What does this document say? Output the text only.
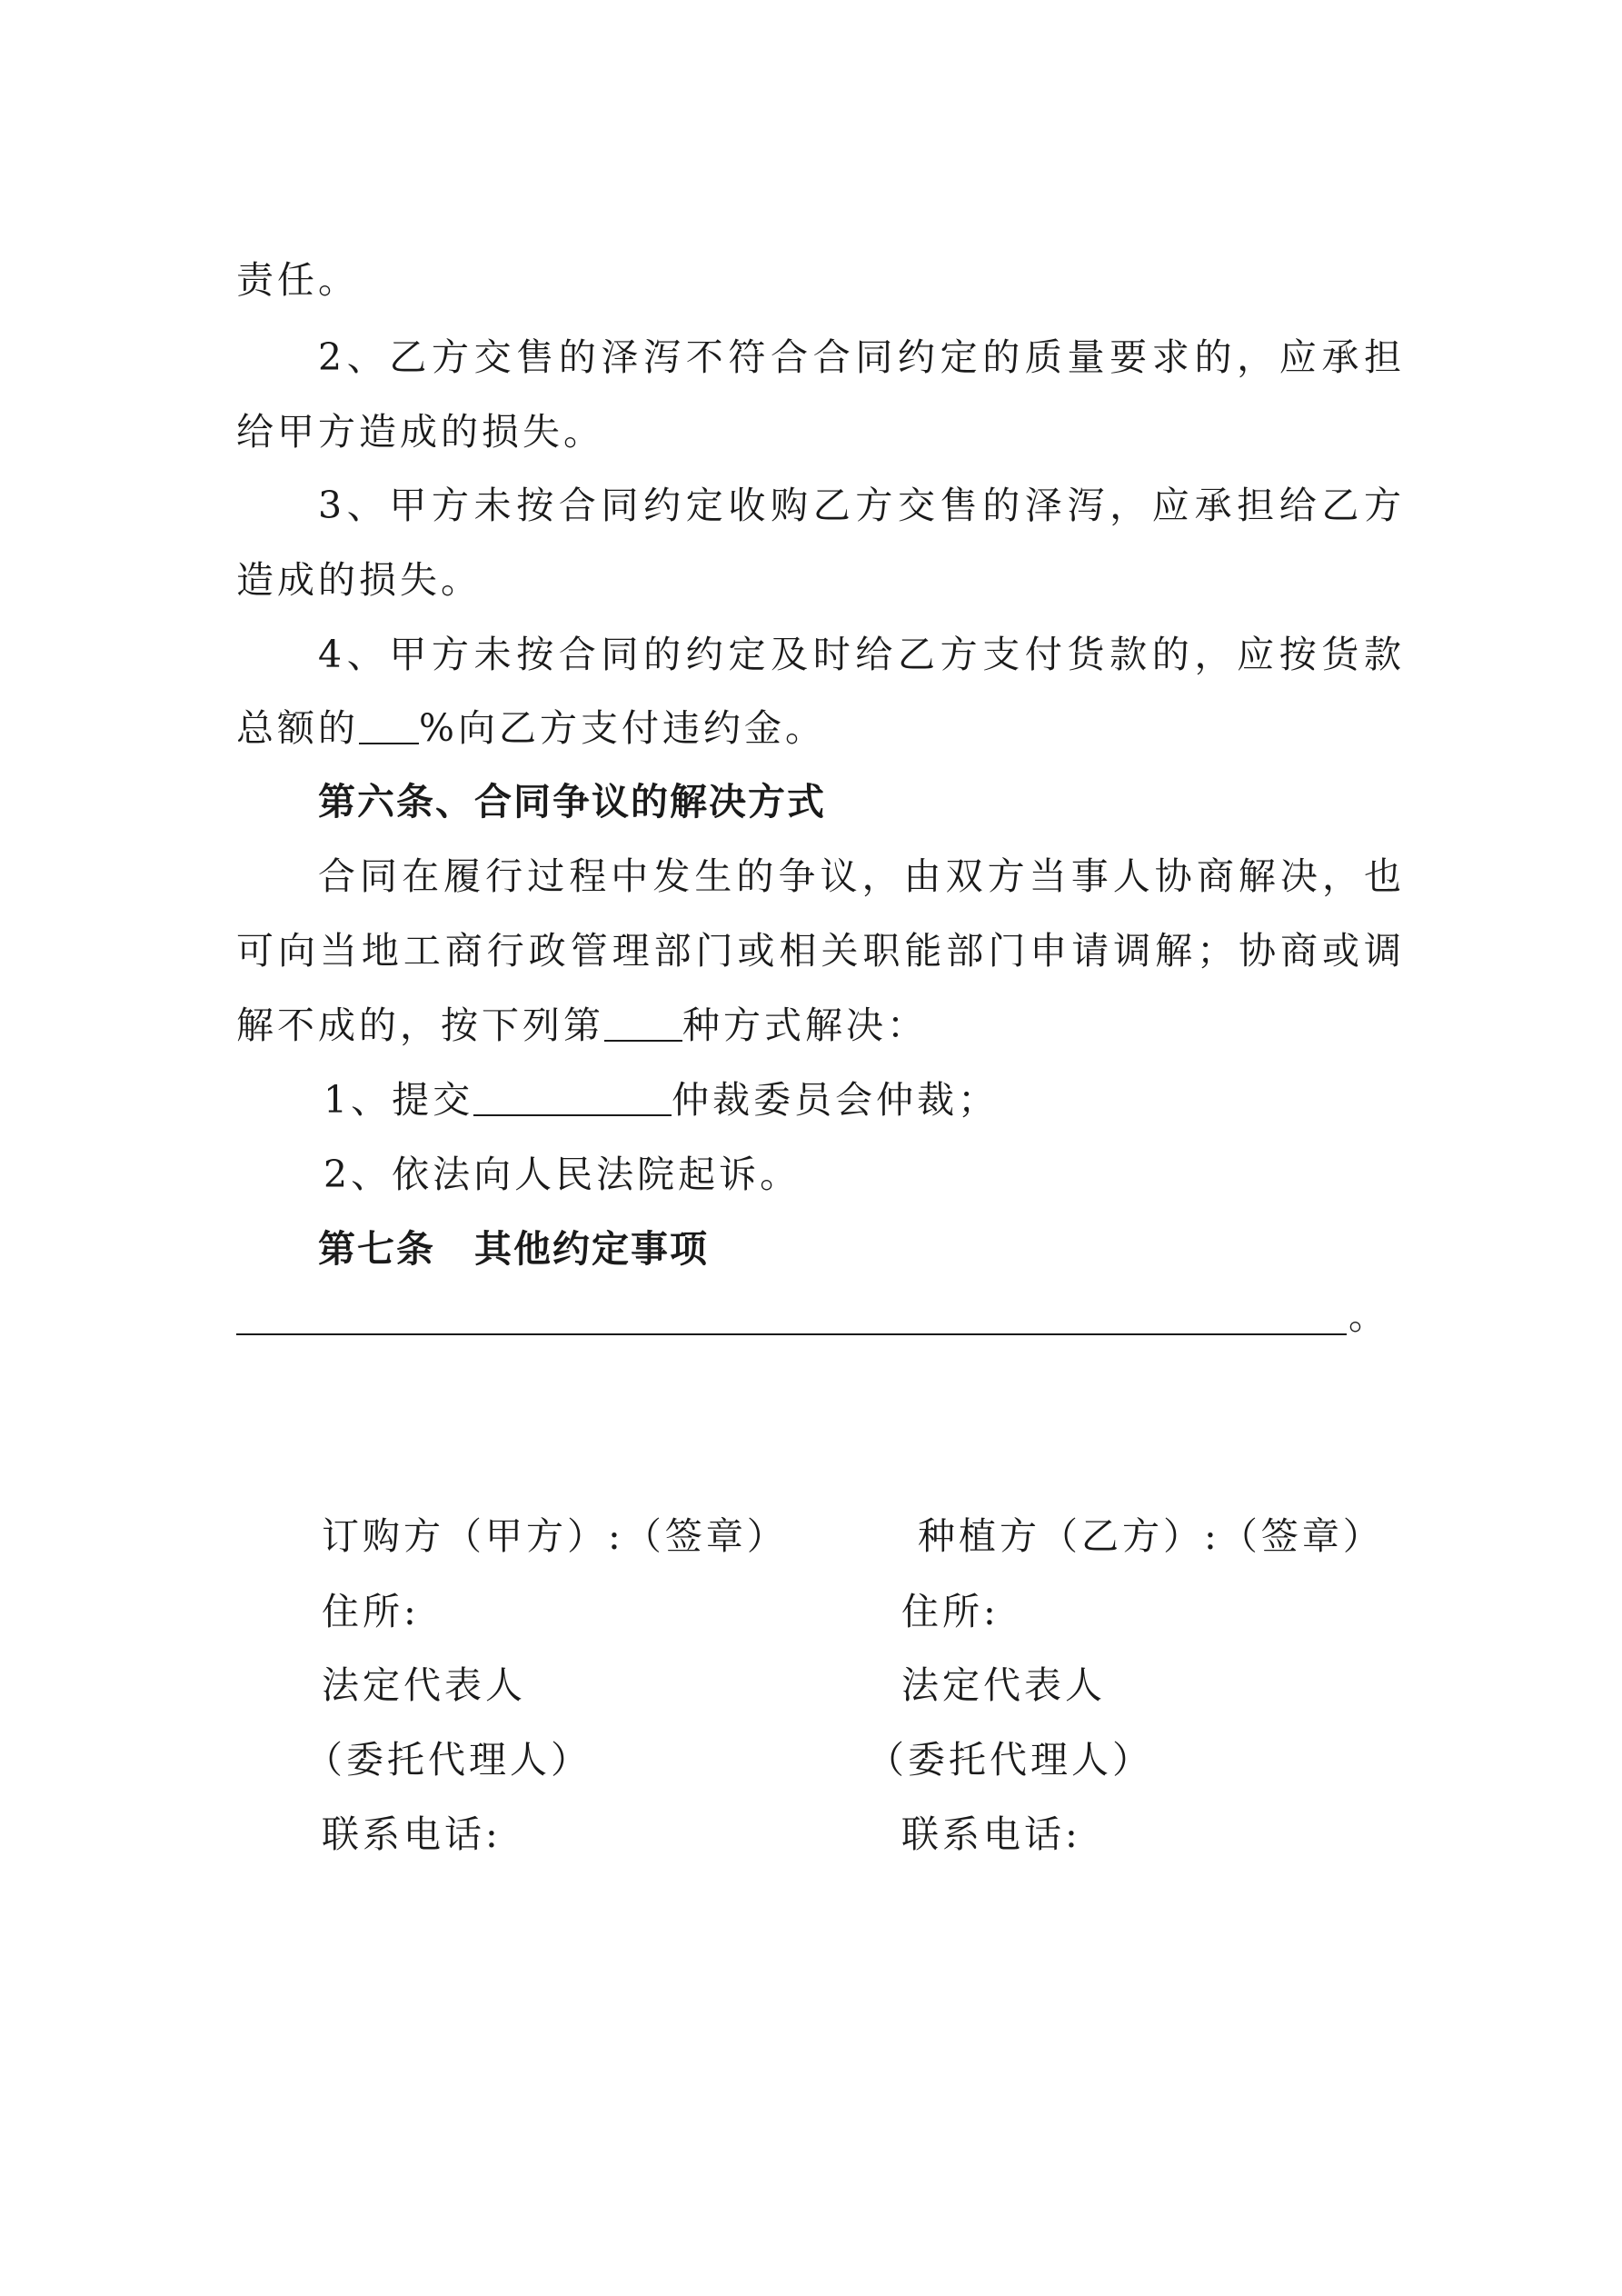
责任。
2、乙方交售的泽泻不符合合同约定的质量要求的，应承担
给甲方造成的损失。
3、甲方未按合同约定收购乙方交售的泽泻，应承担给乙方
造成的损失。
4、甲方未按合同的约定及时给乙方支付货款的，应按货款
总额的 %向乙方支付违约金。
第六条、合同争议的解决方式
合同在履行过程中发生的争议，由双方当事人协商解决，也
可向当地工商行政管理部门或相关职能部门申请调解；协商或调
解不成的，按下列第 种方式解决：
1、提交	仲裁委员会仲裁；
2、依法向人民法院起诉。
第七条　其他约定事项
。
订购方（甲方）:（签章）
住所:
法定代表人
（委托代理人）
联系电话:
种植方（乙方）:（签章）
住所:
法定代表人
（委托代理人）
联系电话:
